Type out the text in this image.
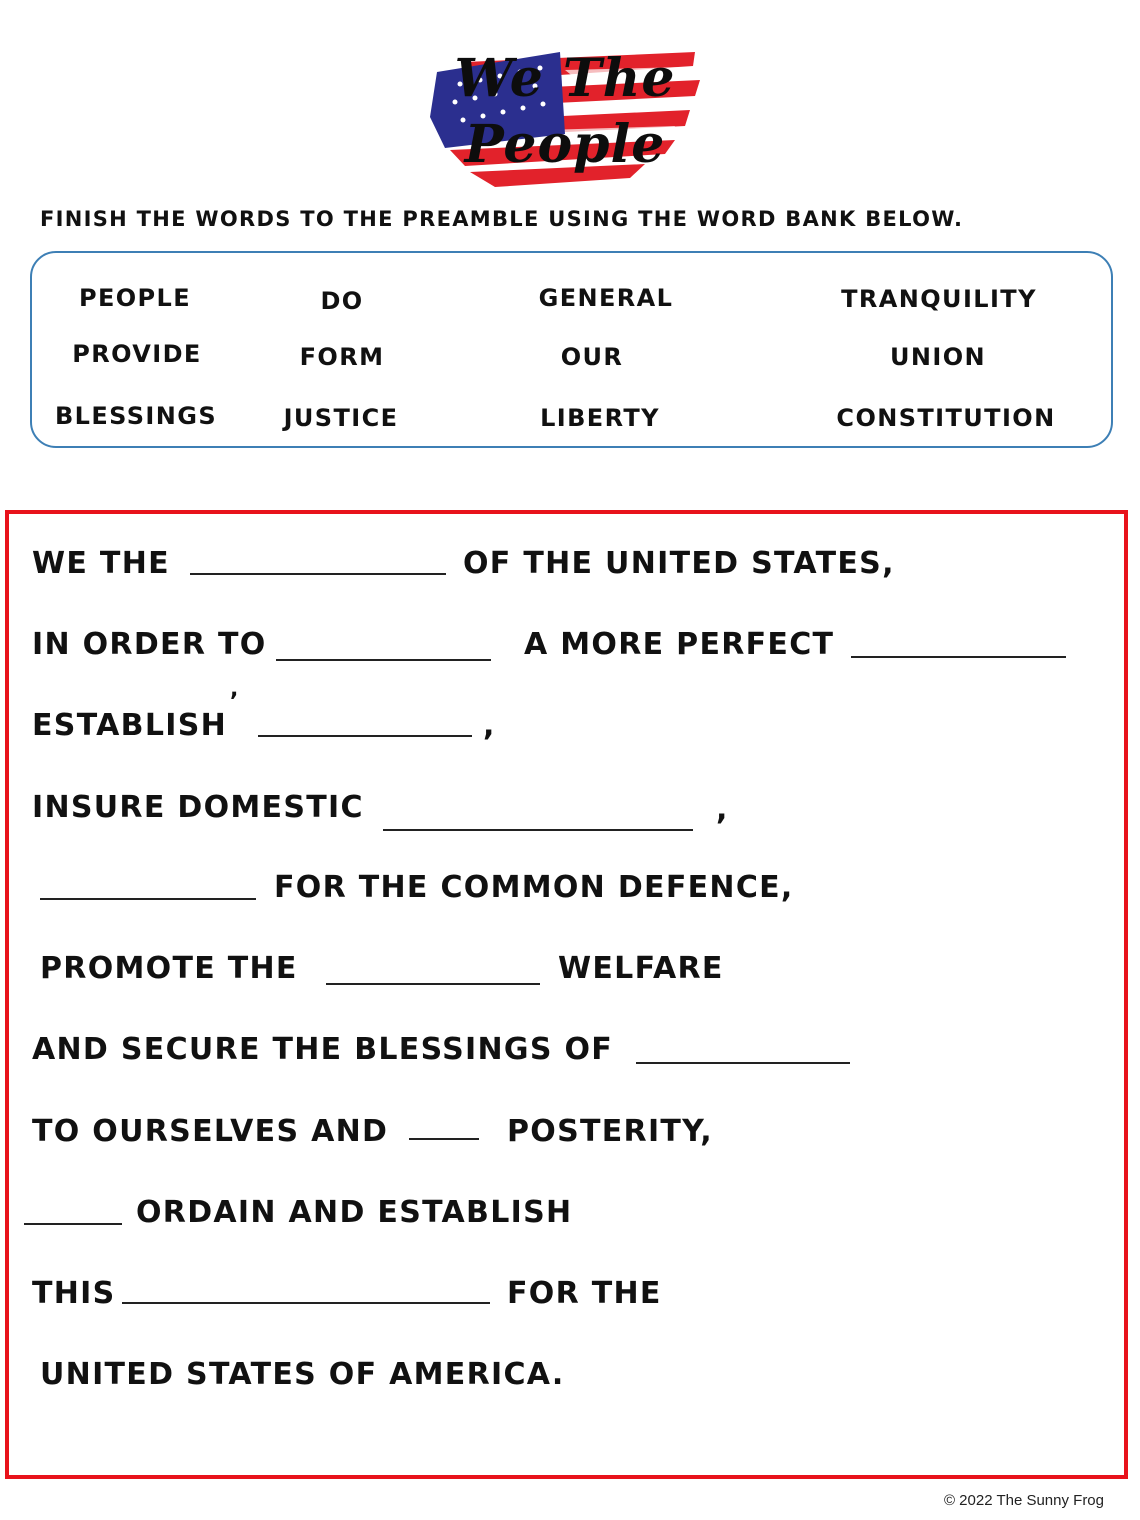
We The
People
FINISH THE WORDS TO THE PREAMBLE USING THE WORD BANK BELOW.
PEOPLE	DO	GENERAL	TRANQUILITY
PROVIDE	FORM	OUR	UNION
BLESSINGS	JUSTICE	LIBERTY	CONSTITUTION
WE THE	OF THE UNITED STATES,
IN ORDER TO	A MORE PERFECT
,
ESTABLISH	,
INSURE DOMESTIC	,
FOR THE COMMON DEFENCE,
PROMOTE THE	WELFARE
AND SECURE THE BLESSINGS OF
TO OURSELVES AND	POSTERITY,
ORDAIN AND ESTABLISH
THIS	FOR THE
UNITED STATES OF AMERICA.
© 2022 The Sunny Frog
